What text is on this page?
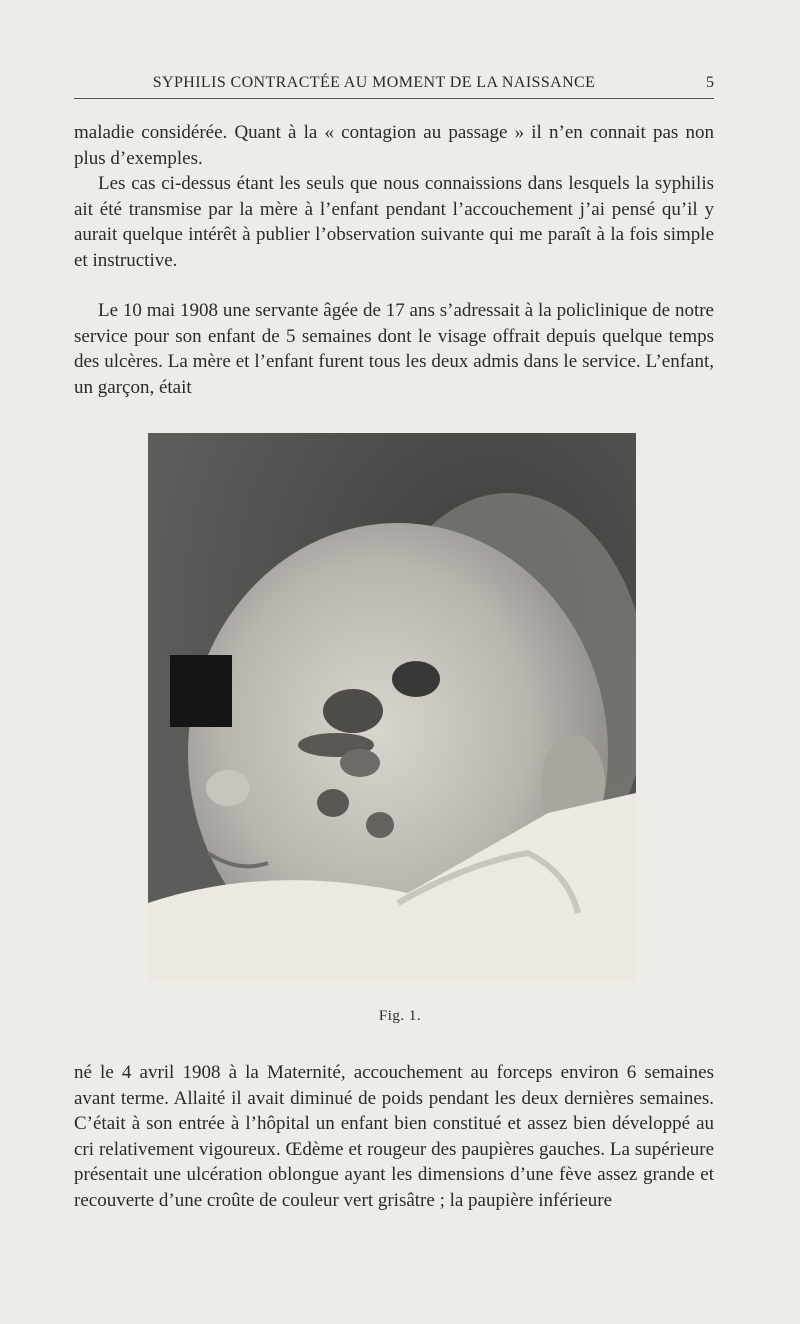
SYPHILIS CONTRACTÉE AU MOMENT DE LA NAISSANCE	5

maladie considérée. Quant à la « contagion au passage » il n’en connait pas non plus d’exemples.

Les cas ci-dessus étant les seuls que nous connaissions dans lesquels la syphilis ait été transmise par la mère à l’enfant pendant l’accouchement j’ai pensé qu’il y aurait quelque intérêt à publier l’observation suivante qui me paraît à la fois simple et instructive.

Le 10 mai 1908 une servante âgée de 17 ans s’adressait à la policlinique de notre service pour son enfant de 5 semaines dont le visage offrait depuis quelque temps des ulcères. La mère et l’enfant furent tous les deux admis dans le service. L’enfant, un garçon, était

Fig. 1.

né le 4 avril 1908 à la Maternité, accouchement au forceps environ 6 semaines avant terme. Allaité il avait diminué de poids pendant les deux dernières semaines. C’était à son entrée à l’hôpital un enfant bien constitué et assez bien développé au cri relativement vigoureux. Œdème et rougeur des paupières gauches. La supérieure présentait une ulcération oblongue ayant les dimensions d’une fève assez grande et recouverte d’une croûte de couleur vert grisâtre ; la paupière inférieure
